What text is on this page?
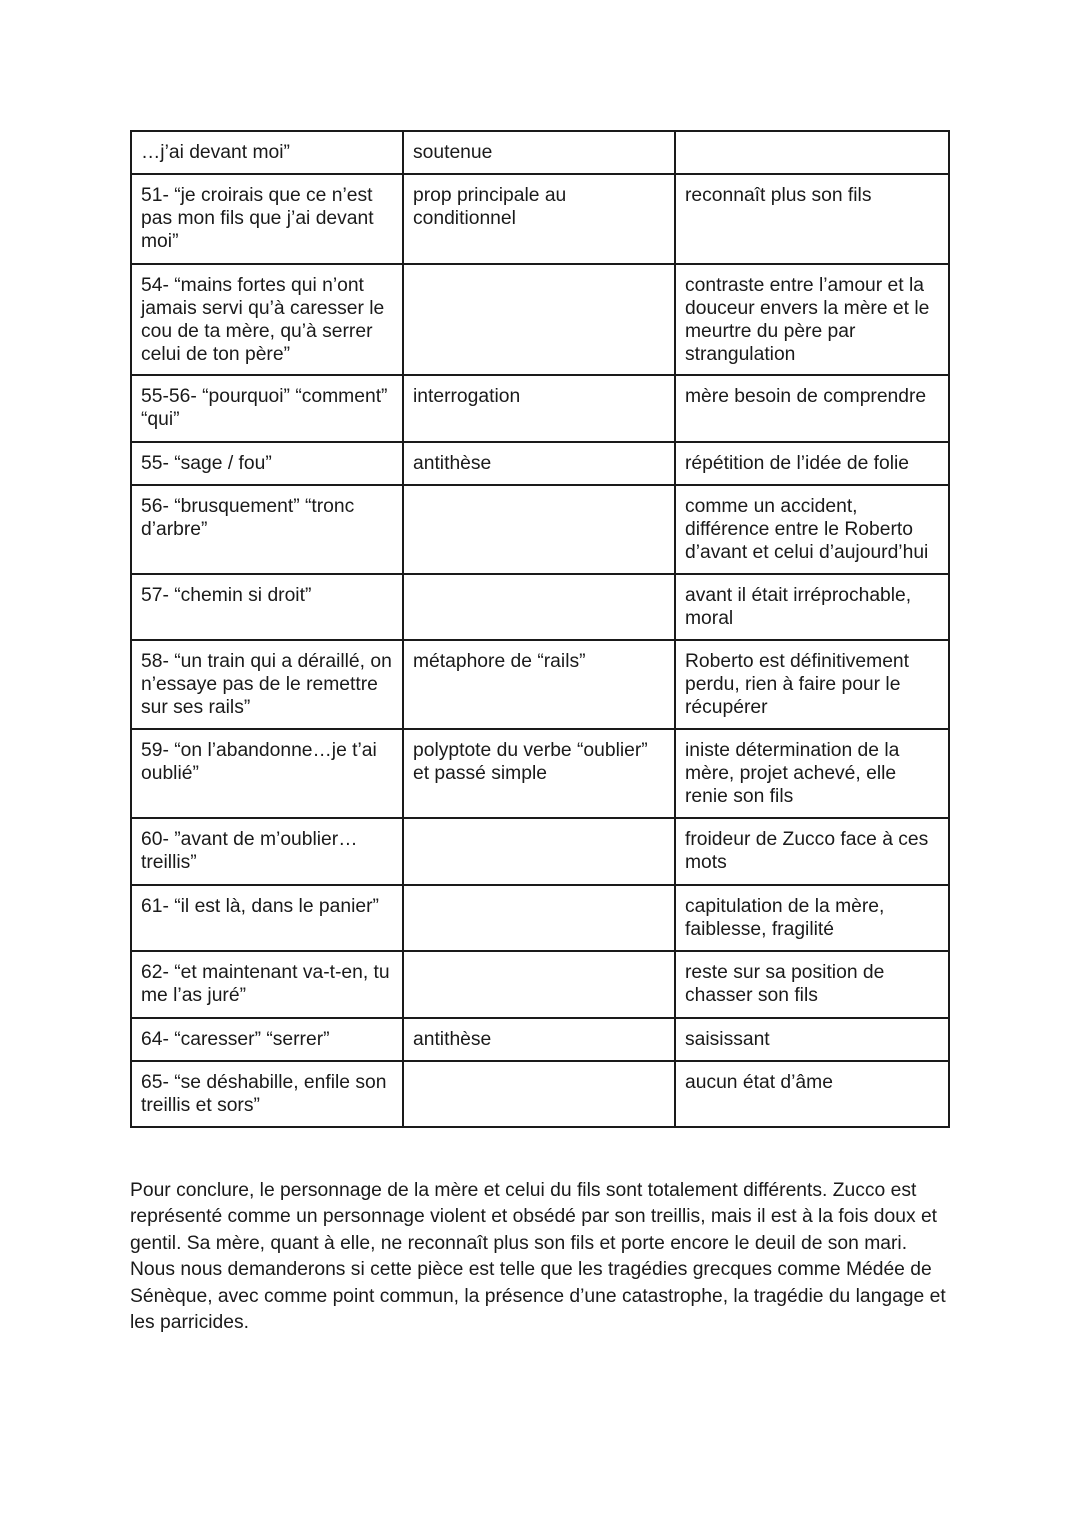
…j’ai devant moi”	soutenue	
51- “je croirais que ce n’est pas mon fils que j’ai devant moi”	prop principale au conditionnel	reconnaît plus son fils
54- “mains fortes qui n’ont jamais servi qu’à caresser le cou de ta mère, qu’à serrer celui de ton père”		contraste entre l’amour et la douceur envers la mère et le meurtre du père par strangulation
55-56- “pourquoi” “comment” “qui”	interrogation	mère besoin de comprendre
55- “sage / fou”	antithèse	répétition de l’idée de folie
56- “brusquement” “tronc d’arbre”		comme un accident, différence entre le Roberto d’avant et celui d’aujourd’hui
57- “chemin si droit”		avant il était irréprochable, moral
58- “un train qui a déraillé, on n’essaye pas de le remettre sur ses rails”	métaphore de “rails”	Roberto est définitivement perdu, rien à faire pour le récupérer
59- “on l’abandonne…je t’ai oublié”	polyptote du verbe “oublier” et passé simple	iniste détermination de la mère, projet achevé, elle renie son fils
60- ”avant de m’oublier…treillis”		froideur de Zucco face à ces mots
61- “il est là, dans le panier”		capitulation de la mère, faiblesse, fragilité
62- “et maintenant va-t-en, tu me l’as juré”		reste sur sa position de chasser son fils
64- “caresser” “serrer”	antithèse	saisissant
65- “se déshabille, enfile son treillis et sors”		aucun état d’âme

Pour conclure, le personnage de la mère et celui du fils sont totalement différents. Zucco est représenté comme un personnage violent et obsédé par son treillis, mais il est à la fois doux et gentil. Sa mère, quant à elle, ne reconnaît plus son fils et porte encore le deuil de son mari. Nous nous demanderons si cette pièce est telle que les tragédies grecques comme Médée de Sénèque, avec comme point commun, la présence d’une catastrophe, la tragédie du langage et les parricides.
